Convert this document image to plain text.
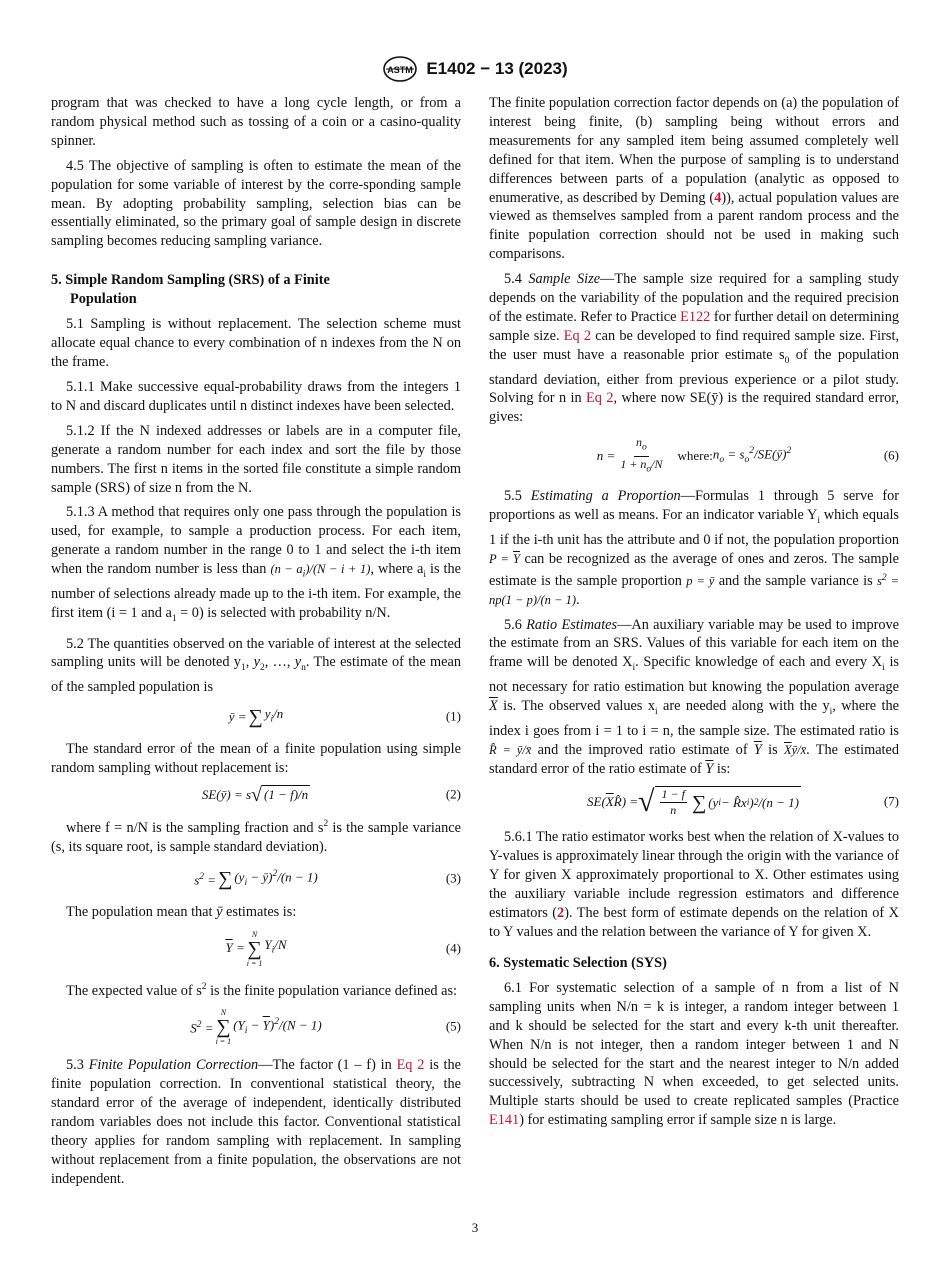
ASTM E1402 − 13 (2023)

program that was checked to have a long cycle length, or from a random physical method such as tossing of a coin or a casino-quality spinner.

4.5 The objective of sampling is often to estimate the mean of the population for some variable of interest by the corre-sponding sample mean. By adopting probability sampling, selection bias can be essentially eliminated, so the primary goal of sample design in discrete sampling becomes reducing sampling variance.

5. Simple Random Sampling (SRS) of a Finite
Population

5.1 Sampling is without replacement. The selection scheme must allocate equal chance to every combination of n indexes from the N on the frame.

5.1.1 Make successive equal-probability draws from the integers 1 to N and discard duplicates until n distinct indexes have been selected.

5.1.2 If the N indexed addresses or labels are in a computer file, generate a random number for each index and sort the file by those numbers. The first n items in the sorted file constitute a simple random sample (SRS) of size n from the N.

5.1.3 A method that requires only one pass through the population is used, for example, to sample a production process. For each item, generate a random number in the range 0 to 1 and select the i-th item when the random number is less than $(n - a_i)/(N - i + 1)$, where $a_i$ is the number of selections already made up to the i-th item. For example, the first item (i = 1 and $a_1 = 0$) is selected with probability n/N.

5.2 The quantities observed on the variable of interest at the selected sampling units will be denoted $y_1$, $y_2$, …, $y_n$. The estimate of the mean of the sampled population is

ȳ = ∑ $y_i/n$	(1)

The standard error of the mean of a finite population using simple random sampling without replacement is:

SE(ȳ) = s √ (1 − f)/n	(2)

where f = n/N is the sampling fraction and $s^2$ is the sample variance (s, its square root, is sample standard deviation).

$s^2$ = ∑ ($y_i$ − ȳ)$^2$/(n − 1)	(3)

The population mean that ȳ estimates is:

$\overline{Y}$ =
N
∑
i = 1
$Y_i/N$	(4)

The expected value of $s^2$ is the finite population variance defined as:

$S^2$ =
N
∑
i = 1
$(Y_i - \overline{Y})^2/(N - 1)$	(5)

5.3 Finite Population Correction—The factor (1 – f) in Eq 2 is the finite population correction. In conventional statistical theory, the standard error of the average of independent, identically distributed random variables does not include this factor. Conventional statistical theory applies for random sampling with replacement. In sampling without replacement from a finite population, the observations are not independent.

The finite population correction factor depends on (a) the population of interest being finite, (b) sampling being without errors and measurements for any sampled item being assumed completely well defined for that item. When the purpose of sampling is to understand differences between parts of a population (analytic as opposed to enumerative, as described by Deming (4)), actual population values are viewed as themselves sampled from a parent random process and the finite population correction should not be used in making such comparisons.

5.4 Sample Size—The sample size required for a sampling study depends on the variability of the population and the required precision of the estimate. Refer to Practice E122 for further detail on determining sample size. Eq 2 can be developed to find required sample size. First, the user must have a reasonable prior estimate $s_0$ of the population standard deviation, either from previous experience or a pilot study. Solving for n in Eq 2, where now SE(ȳ) is the required standard error, gives:

$n = \frac{n_o}{1 + n_o/N}$ where: $n_o$ = $s_o^2/SE(ȳ)^2$	(6)

5.5 Estimating a Proportion—Formulas 1 through 5 serve for proportions as well as means. For an indicator variable $Y_i$ which equals 1 if the i-th unit has the attribute and 0 if not, the population proportion $P = \overline{Y}$ can be recognized as the average of ones and zeros. The sample estimate is the sample proportion p = ȳ and the sample variance is $s^2 = np(1 - p)/(n - 1)$.

5.6 Ratio Estimates—An auxiliary variable may be used to improve the estimate from an SRS. Values of this variable for each item on the frame will be denoted $X_i$. Specific knowledge of each and every $X_i$ is not necessary for ratio estimation but knowing the population average $\overline{X}$ is. The observed values $x_i$ are needed along with the $y_i$, where the index i goes from i = 1 to i = n, the sample size. The estimated ratio is R̂ = ȳ/x̄ and the improved ratio estimate of $\overline{Y}$ is $\overline{X}ȳ/x̄$. The estimated standard error of the ratio estimate of $\overline{Y}$ is:

$SE(\overline{X}R̂)$ = √ $\frac{1 - f}{n}$ ∑ (y i − R̂x i ) 2 /(n − 1)	(7)

5.6.1 The ratio estimator works best when the relation of X-values to Y-values is approximately linear through the origin with the variance of Y for given X approximately proportional to X. Other estimates using the auxiliary variable include regression estimators and difference estimators (2). The best form of estimate depends on the relation of X to Y values and the relation between the variance of Y for given X.

6. Systematic Selection (SYS)

6.1 For systematic selection of a sample of n from a list of N sampling units when N/n = k is integer, a random integer between 1 and k should be selected for the start and every k-th unit thereafter. When N/n is not integer, then a random integer between 1 and N should be selected for the start and the nearest integer to N/n added successively, subtracting N when exceeded, to get selected units. Multiple starts should be used to create replicated samples (Practice E141) for estimating sampling error if sample size n is large.

3
